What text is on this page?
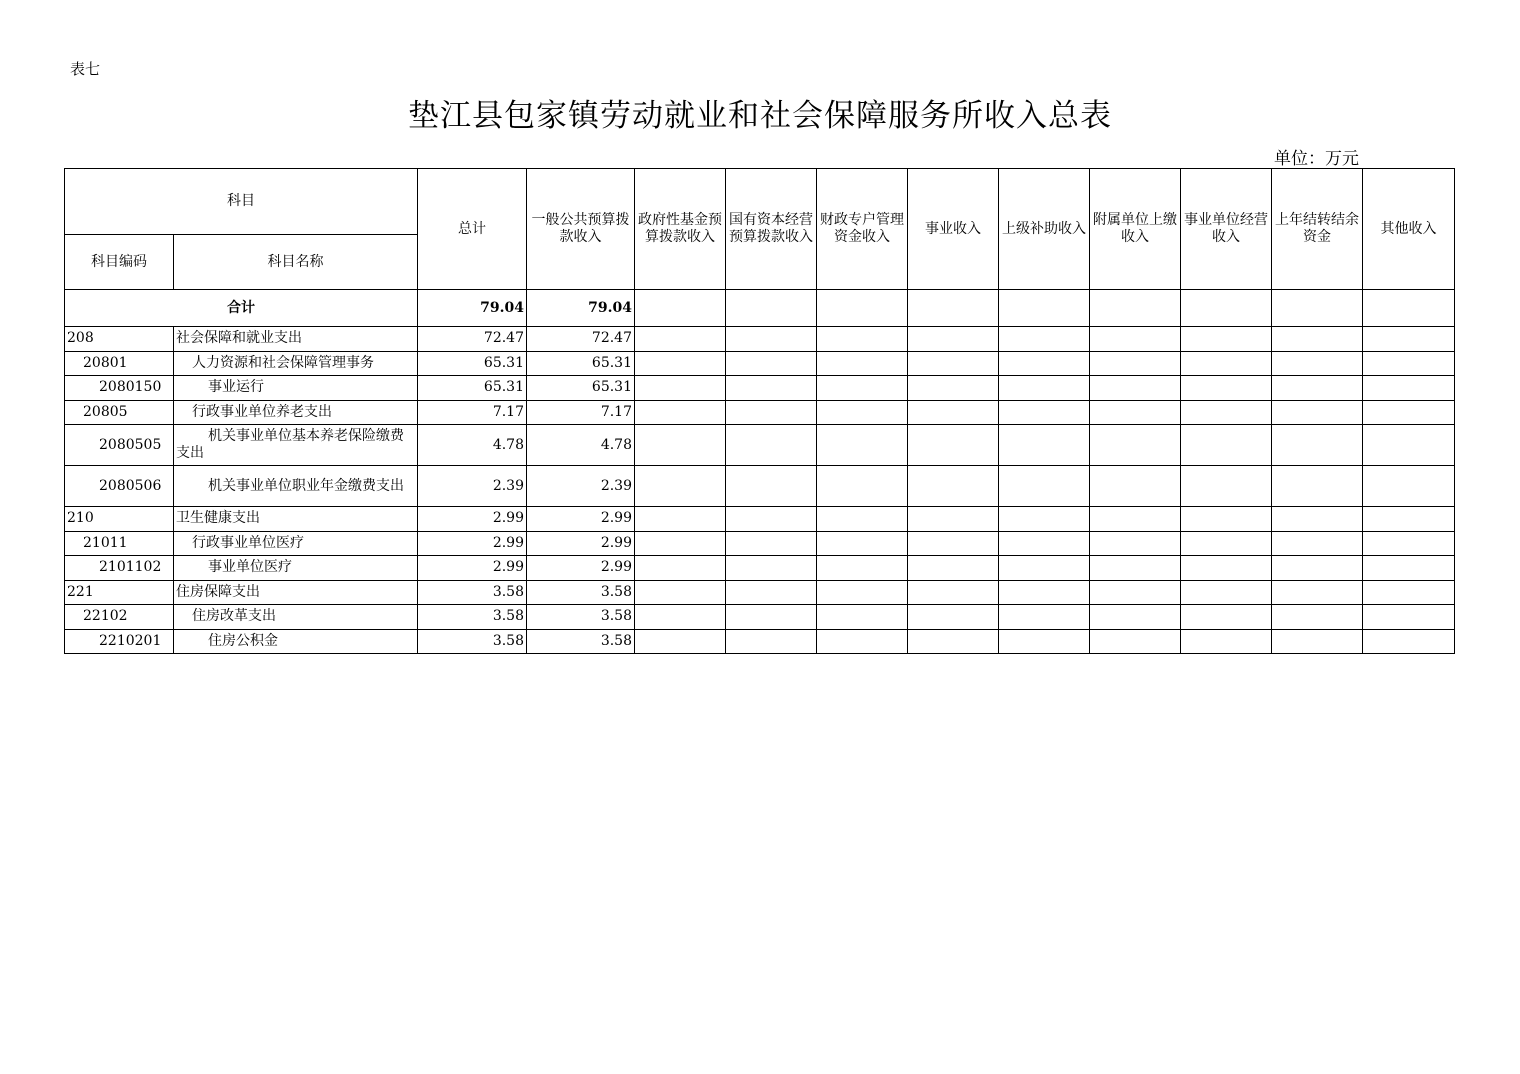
表七
垫江县包家镇劳动就业和社会保障服务所收入总表
单位：万元
科目		总计	一般公共预算拨款收入	政府性基金预算拨款收入	国有资本经营预算拨款收入	财政专户管理资金收入	事业收入	上级补助收入	附属单位上缴收入	事业单位经营收入	上年结转结余资金	其他收入
科目编码	科目名称											
合计		79.04	79.04									
208	社会保障和就业支出	72.47	72.47									
20801	人力资源和社会保障管理事务	65.31	65.31									
2080150	事业运行	65.31	65.31									
20805	行政事业单位养老支出	7.17	7.17									
2080505	机关事业单位基本养老保险缴费支出	4.78	4.78									
2080506	机关事业单位职业年金缴费支出	2.39	2.39									
210	卫生健康支出	2.99	2.99									
21011	行政事业单位医疗	2.99	2.99									
2101102	事业单位医疗	2.99	2.99									
221	住房保障支出	3.58	3.58									
22102	住房改革支出	3.58	3.58									
2210201	住房公积金	3.58	3.58									
